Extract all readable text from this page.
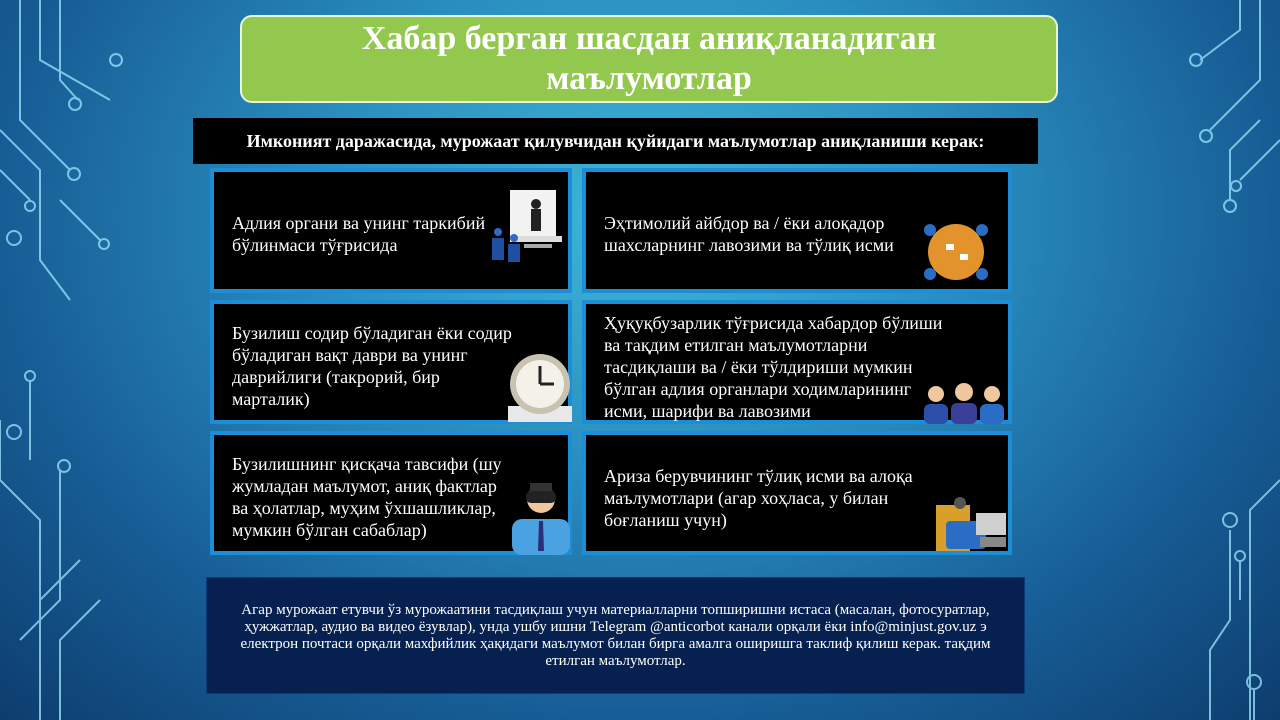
Хабар берган шасдан аниқланадиган маълумотлар
Имконият даражасида, мурожаат қилувчидан қуйидаги маълумотлар аниқланиши керак:
Адлия органи ва унинг таркибий бўлинмаси тўғрисида
Эҳтимолий айбдор ва / ёки алоқадор шахсларнинг лавозими ва тўлиқ исми
Бузилиш содир бўладиган ёки содир бўладиган вақт даври ва унинг даврийлиги (такрорий, бир марталик)
Ҳуқуқбузарлик тўғрисида хабардор бўлиши ва тақдим етилган маълумотларни тасдиқлаши ва / ёки тўлдириши мумкин бўлган адлия органлари ходимларининг исми, шарифи ва лавозими
Бузилишнинг қисқача тавсифи (шу жумладан маълумот, аниқ фактлар ва ҳолатлар, муҳим ўхшашликлар, мумкин бўлган сабаблар)
Ариза берувчининг тўлиқ исми ва алоқа маълумотлари (агар хоҳласа, у билан боғланиш учун)
Агар мурожаат етувчи ўз мурожаатини тасдиқлаш учун материалларни топширишни истаса (масалан, фотосуратлар, ҳужжатлар, аудио ва видео ёзувлар), унда ушбу ишни Telegram @anticorbot канали орқали ёки info@minjust.gov.uz э електрон почтаси орқали махфийлик ҳақидаги маълумот билан бирга амалга оширишга таклиф қилиш керак. тақдим етилган маълумотлар.
